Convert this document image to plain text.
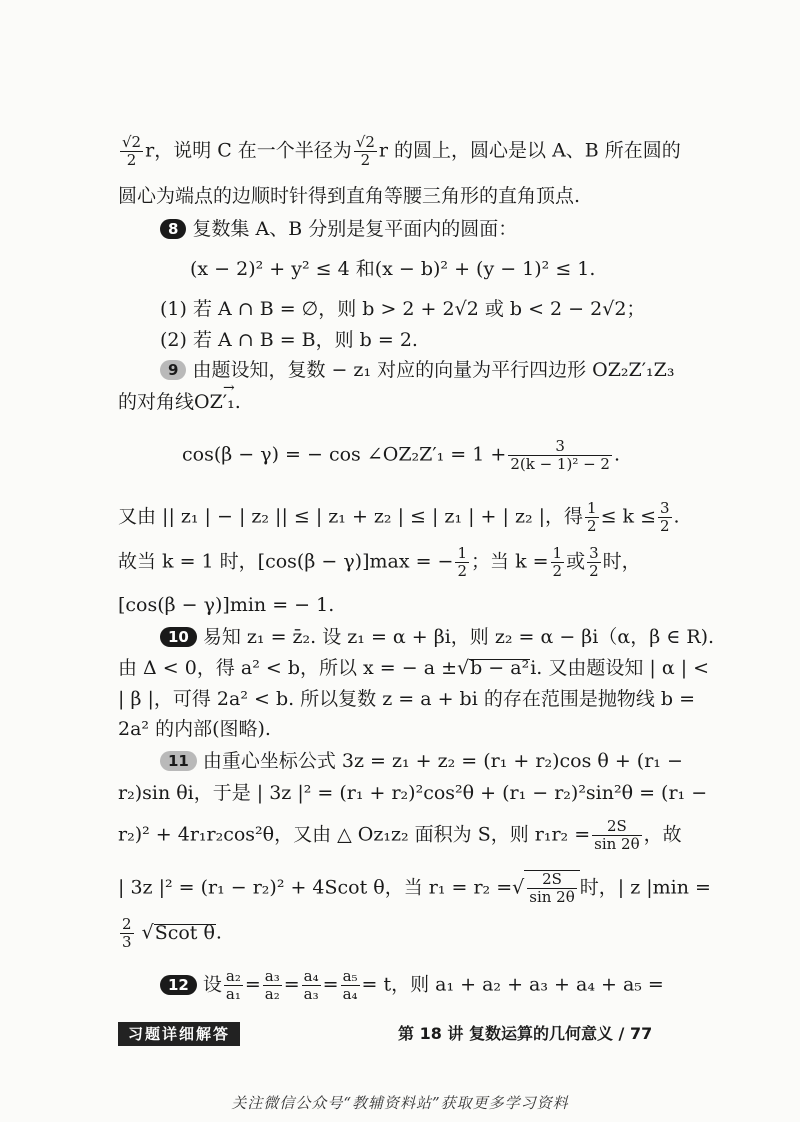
$\frac{√2}{2}$ r，说明 C 在一个半径为 $\frac{√2}{2}$ r 的圆上，圆心是以 A、B 所在圆的
圆心为端点的边顺时针得到直角等腰三角形的直角顶点.
8 复数集 A、B 分别是复平面内的圆面：
(x − 2)² + y² ≤ 4 和(x − b)² + (y − 1)² ≤ 1.
(1) 若 A ∩ B = ∅，则 b > 2 + 2√2 或 b < 2 − 2√2；
(2) 若 A ∩ B = B，则 b = 2.
9 由题设知，复数 − z₁ 对应的向量为平行四边形 OZ₂Z′₁Z₃
的对角线→ OZ′₁.
cos(β − γ) = − cos ∠OZ₂Z′₁ = $1 + \frac{3}{\text{2(k − 1)² − 2}}$ .
又由 || z₁ | − | z₂ || ≤ | z₁ + z₂ | ≤ | z₁ | + | z₂ |，得 $\frac{1}{2} \le k \le \frac{3}{2}$ .
故当 k = 1 时，[cos(β − γ)]max = − $\frac{1}{2}$ ；当 $k = \frac{1}{2}$ 或 $\frac{3}{2}$ 时，
[cos(β − γ)]min = − 1.
10 易知 z₁ = z̄₂. 设 z₁ = α + βi，则 z₂ = α − βi（α，β ∈ R).
由 Δ < 0，得 a² < b，所以 x = − a ±√b − a²i. 又由题设知 | α | <
| β |，可得 2a² < b. 所以复数 z = a + bi 的存在范围是抛物线 b =
2a² 的内部(图略).
11 由重心坐标公式 3z = z₁ + z₂ = (r₁ + r₂)cos θ + (r₁ −
r₂)sin θi，于是 | 3z |² = (r₁ + r₂)²cos²θ + (r₁ − r₂)²sin²θ = (r₁ −
r₂)² + 4r₁r₂cos²θ，又由 △ Oz₁z₂ 面积为 S，则 $r_1r_2 = \frac{2S}{\sin 2\theta}$ ，故
| 3z |² = (r₁ − r₂)² + 4Scot θ，当 r₁ = r₂ =√ $\frac{2S}{\sin 2\theta}$ 时，| z |min =
$\frac{2}{3} √Scot$ θ.
12 设 $\frac{\text{a₂}}{\text{a₁}} = \frac{\text{a₃}}{\text{a₂}} = \frac{\text{a₄}}{\text{a₃}} = \frac{\text{a₅}}{\text{a₄}} = t$，则 a₁ + a₂ + a₃ + a₄ + a₅ =
习题详细解答	第 18 讲 复数运算的几何意义 / 77
关注微信公众号“教辅资料站”获取更多学习资料
